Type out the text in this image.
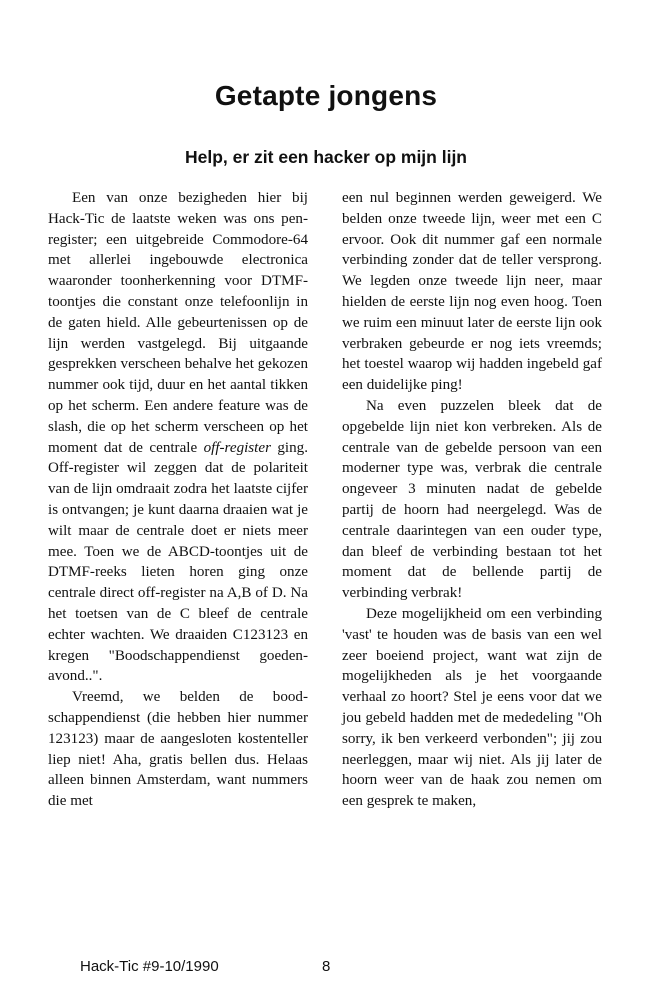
Getapte jongens
Help, er zit een hacker op mijn lijn

Een van onze bezigheden hier bij Hack-Tic de laatste weken was ons pen-register; een uitgebreide Commodore-64 met allerlei ingebouwde electronica waaronder toonherkenning voor DTMF-toontjes die constant onze telefoonlijn in de gaten hield. Alle gebeurtenissen op de lijn werden vastgelegd. Bij uitgaande gesprekken verscheen behalve het gekozen nummer ook tijd, duur en het aantal tikken op het scherm. Een andere feature was de slash, die op het scherm verscheen op het moment dat de centrale off-register ging. Off-register wil zeggen dat de polariteit van de lijn omdraait zodra het laatste cijfer is ontvangen; je kunt daarna draaien wat je wilt maar de centrale doet er niets meer mee. Toen we de ABCD-toontjes uit de DTMF-reeks lieten horen ging onze centrale direct off-register na A,B of D. Na het toetsen van de C bleef de centrale echter wachten. We draaiden C123123 en kregen "Boodschappendienst goedenavond..".

Vreemd, we belden de boodschappendienst (die hebben hier nummer 123123) maar de aangesloten kostenteller liep niet! Aha, gratis bellen dus. Helaas alleen binnen Amsterdam, want nummers die met

een nul beginnen werden geweigerd. We belden onze tweede lijn, weer met een C ervoor. Ook dit nummer gaf een normale verbinding zonder dat de teller versprong. We legden onze tweede lijn neer, maar hielden de eerste lijn nog even hoog. Toen we ruim een minuut later de eerste lijn ook verbraken gebeurde er nog iets vreemds; het toestel waarop wij hadden ingebeld gaf een duidelijke ping!

Na even puzzelen bleek dat de opgebelde lijn niet kon verbreken. Als de centrale van de gebelde persoon van een moderner type was, verbrak die centrale ongeveer 3 minuten nadat de gebelde partij de hoorn had neergelegd. Was de centrale daarintegen van een ouder type, dan bleef de verbinding bestaan tot het moment dat de bellende partij de verbinding verbrak!

Deze mogelijkheid om een verbinding 'vast' te houden was de basis van een wel zeer boeiend project, want wat zijn de mogelijkheden als je het voorgaande verhaal zo hoort? Stel je eens voor dat we jou gebeld hadden met de mededeling "Oh sorry, ik ben verkeerd verbonden"; jij zou neerleggen, maar wij niet. Als jij later de hoorn weer van de haak zou nemen om een gesprek te maken,

Hack-Tic #9-10/1990	8
